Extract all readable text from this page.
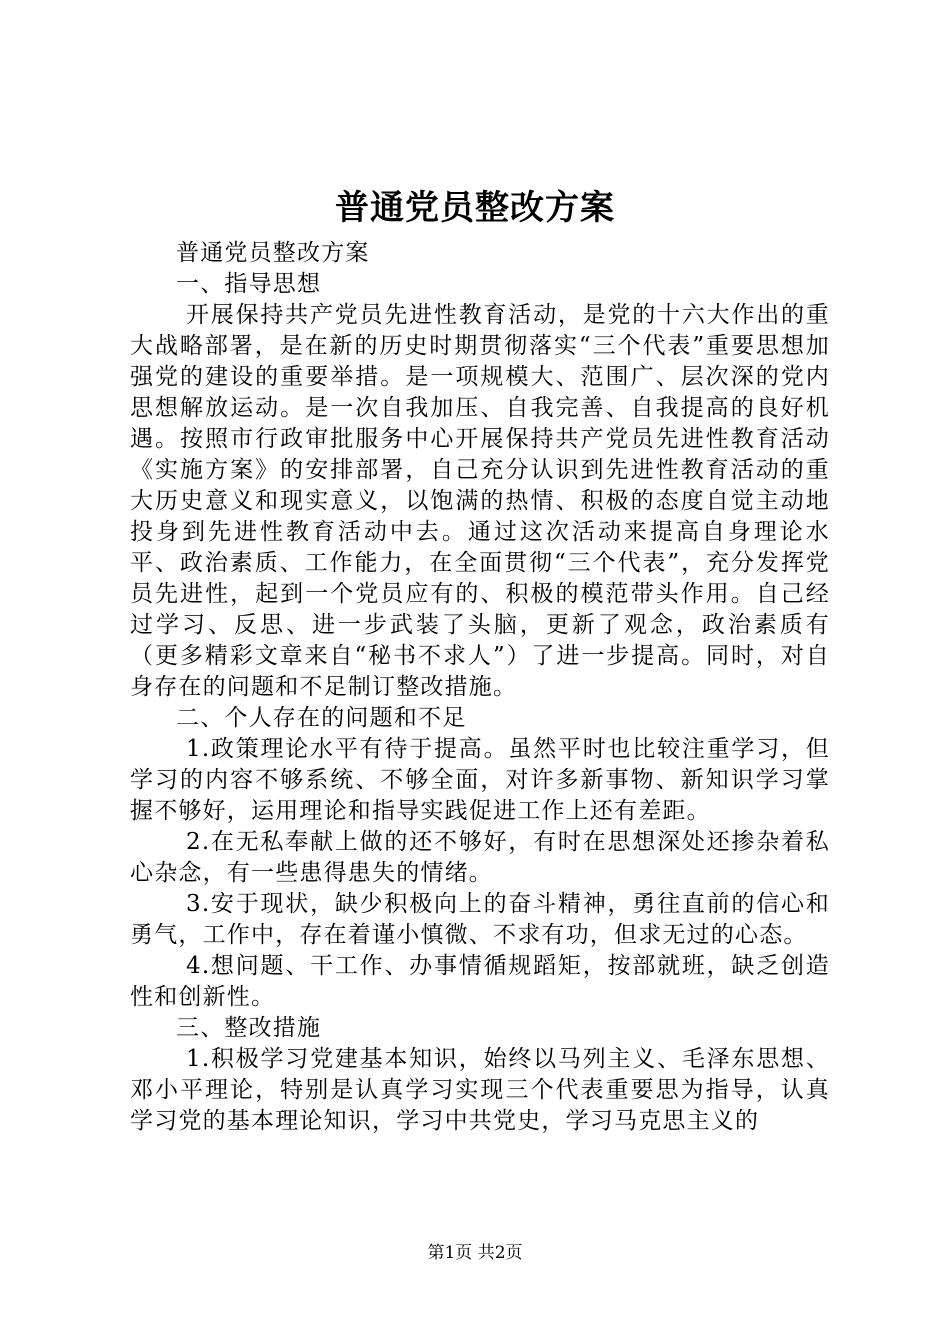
普通党员整改方案

普通党员整改方案

一、指导思想

开展保持共产党员先进性教育活动，是党的十六大作出的重大战略部署，是在新的历史时期贯彻落实“三个代表”重要思想加强党的建设的重要举措。是一项规模大、范围广、层次深的党内思想解放运动。是一次自我加压、自我完善、自我提高的良好机遇。按照市行政审批服务中心开展保持共产党员先进性教育活动《实施方案》的安排部署，自己充分认识到先进性教育活动的重大历史意义和现实意义，以饱满的热情、积极的态度自觉主动地投身到先进性教育活动中去。通过这次活动来提高自身理论水平、政治素质、工作能力，在全面贯彻“三个代表”，充分发挥党员先进性，起到一个党员应有的、积极的模范带头作用。自己经过学习、反思、进一步武装了头脑，更新了观念，政治素质有（更多精彩文章来自“秘书不求人”）了进一步提高。同时，对自身存在的问题和不足制订整改措施。

二、个人存在的问题和不足

1.政策理论水平有待于提高。虽然平时也比较注重学习，但学习的内容不够系统、不够全面，对许多新事物、新知识学习掌握不够好，运用理论和指导实践促进工作上还有差距。

2.在无私奉献上做的还不够好，有时在思想深处还掺杂着私心杂念，有一些患得患失的情绪。

3.安于现状，缺少积极向上的奋斗精神，勇往直前的信心和勇气，工作中，存在着谨小慎微、不求有功，但求无过的心态。

4.想问题、干工作、办事情循规蹈矩，按部就班，缺乏创造性和创新性。

三、整改措施

1.积极学习党建基本知识，始终以马列主义、毛泽东思想、邓小平理论，特别是认真学习实现三个代表重要思为指导，认真学习党的基本理论知识，学习中共党史，学习马克思主义的

第1页 共2页
